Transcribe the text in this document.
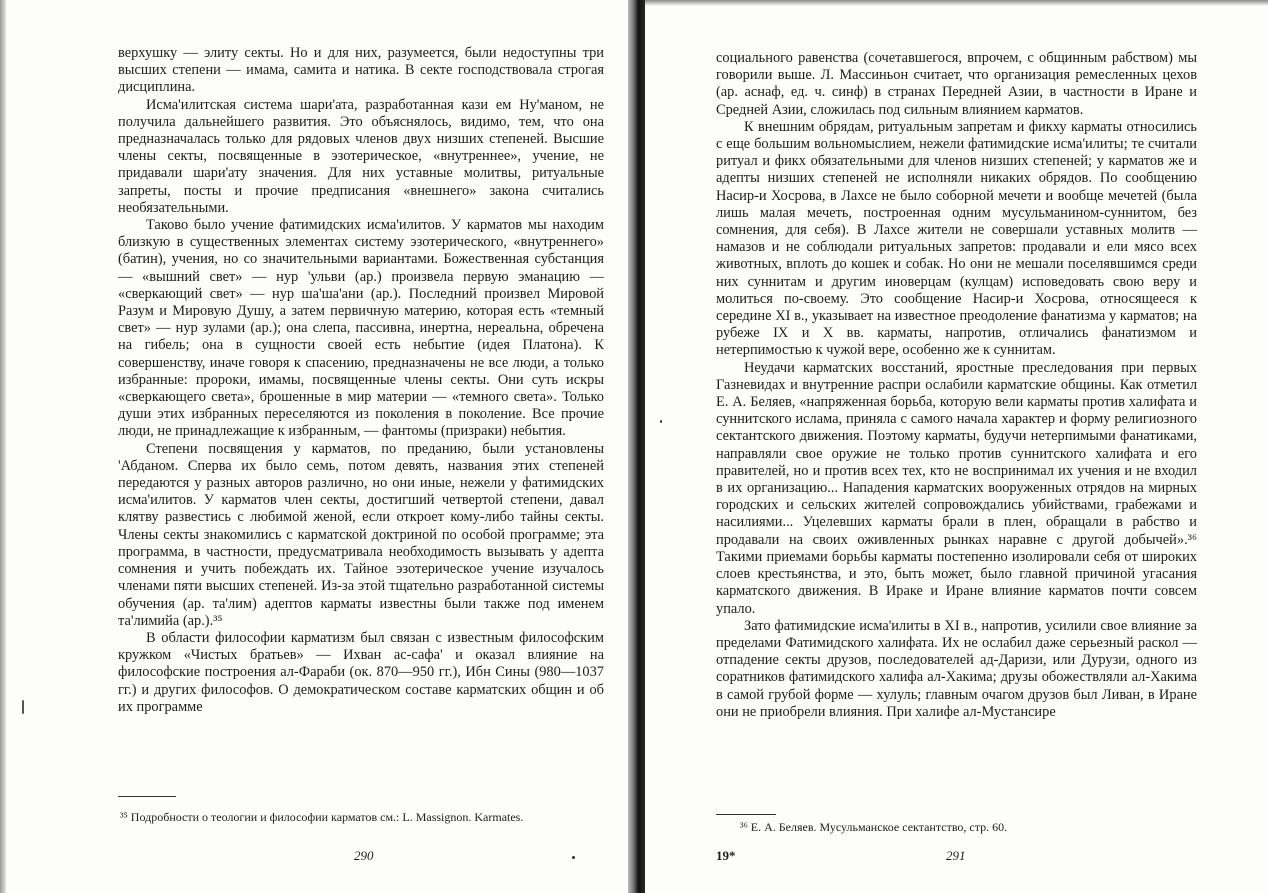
верхушку — элиту секты. Но и для них, разумеется, были недоступны три высших степени — имама, самита и натика. В секте господствовала строгая дисциплина.

Исма'илитская система шари'ата, разработанная кази ем Ну'маном, не получила дальнейшего развития. Это объяснялось, видимо, тем, что она предназначалась только для рядовых членов двух низших степеней. Высшие члены секты, посвященные в эзотерическое, «внутреннее», учение, не придавали шари'ату значения. Для них уставные молитвы, ритуальные запреты, посты и прочие предписания «внешнего» закона считались необязательными.

Таково было учение фатимидских исма'илитов. У карматов мы находим близкую в существенных элементах систему эзотерического, «внутреннего» (батин), учения, но со значительными вариантами. Божественная субстанция — «вышний свет» — нур 'ульви (ар.) произвела первую эманацию — «сверкающий свет» — нур ша'ша'ани (ар.). Последний произвел Мировой Разум и Мировую Душу, а затем первичную материю, которая есть «темный свет» — нур зулами (ар.); она слепа, пассивна, инертна, нереальна, обречена на гибель; она в сущности своей есть небытие (идея Платона). К совершенству, иначе говоря к спасению, предназначены не все люди, а только избранные: пророки, имамы, посвященные члены секты. Они суть искры «сверкающего света», брошенные в мир материи — «темного света». Только души этих избранных переселяются из поколения в поколение. Все прочие люди, не принадлежащие к избранным, — фантомы (призраки) небытия.

Степени посвящения у карматов, по преданию, были установлены 'Абданом. Сперва их было семь, потом девять, названия этих степеней передаются у разных авторов различно, но они иные, нежели у фатимидских исма'илитов. У карматов член секты, достигший четвертой степени, давал клятву развестись с любимой женой, если откроет кому-либо тайны секты. Члены секты знакомились с карматской доктриной по особой программе; эта программа, в частности, предусматривала необходимость вызывать у адепта сомнения и учить побеждать их. Тайное эзотерическое учение изучалось членами пяти высших степеней. Из-за этой тщательно разработанной системы обучения (ар. та'лим) адептов карматы известны были также под именем та'лимийа (ар.).³⁵

В области философии карматизм был связан с известным философским кружком «Чистых братьев» — Ихван ас-сафа' и оказал влияние на философские построения ал-Фараби (ок. 870—950 гг.), Ибн Сины (980—1037 гг.) и других философов. О демократическом составе карматских общин и об их программе

³⁵ Подробности о теологии и философии карматов см.: L. Massignon. Karmates.
290

социального равенства (сочетавшегося, впрочем, с общинным рабством) мы говорили выше. Л. Массиньон считает, что организация ремесленных цехов (ар. аснаф, ед. ч. синф) в странах Передней Азии, в частности в Иране и Средней Азии, сложилась под сильным влиянием карматов.

К внешним обрядам, ритуальным запретам и фикху карматы относились с еще большим вольномыслием, нежели фатимидские исма'илиты; те считали ритуал и фикх обязательными для членов низших степеней; у карматов же и адепты низших степеней не исполняли никаких обрядов. По сообщению Насир-и Хосрова, в Лахсе не было соборной мечети и вообще мечетей (была лишь малая мечеть, построенная одним мусульманином-суннитом, без сомнения, для себя). В Лахсе жители не совершали уставных молитв — намазов и не соблюдали ритуальных запретов: продавали и ели мясо всех животных, вплоть до кошек и собак. Но они не мешали поселявшимся среди них суннитам и другим иноверцам (кулцам) исповедовать свою веру и молиться по-своему. Это сообщение Насир-и Хосрова, относящееся к середине XI в., указывает на известное преодоление фанатизма у карматов; на рубеже IX и X вв. карматы, напротив, отличались фанатизмом и нетерпимостью к чужой вере, особенно же к суннитам.

Неудачи карматских восстаний, яростные преследования при первых Газневидах и внутренние распри ослабили карматские общины. Как отметил Е. А. Беляев, «напряженная борьба, которую вели карматы против халифата и суннитского ислама, приняла с самого начала характер и форму религиозного сектантского движения. Поэтому карматы, будучи нетерпимыми фанатиками, направляли свое оружие не только против суннитского халифата и его правителей, но и против всех тех, кто не воспринимал их учения и не входил в их организацию... Нападения карматских вооруженных отрядов на мирных городских и сельских жителей сопровождались убийствами, грабежами и насилиями... Уцелевших карматы брали в плен, обращали в рабство и продавали на своих оживленных рынках наравне с другой добычей».³⁶ Такими приемами борьбы карматы постепенно изолировали себя от широких слоев крестьянства, и это, быть может, было главной причиной угасания карматского движения. В Ираке и Иране влияние карматов почти совсем упало.

Зато фатимидские исма'илиты в XI в., напротив, усилили свое влияние за пределами Фатимидского халифата. Их не ослабил даже серьезный раскол — отпадение секты друзов, последователей ад-Даризи, или Дурузи, одного из соратников фатимидского халифа ал-Хакима; друзы обожествляли ал-Хакима в самой грубой форме — хулуль; главным очагом друзов был Ливан, в Иране они не приобрели влияния. При халифе ал-Мустансире

³⁶ Е. А. Беляев. Мусульманское сектантство, стр. 60.
19*	291
